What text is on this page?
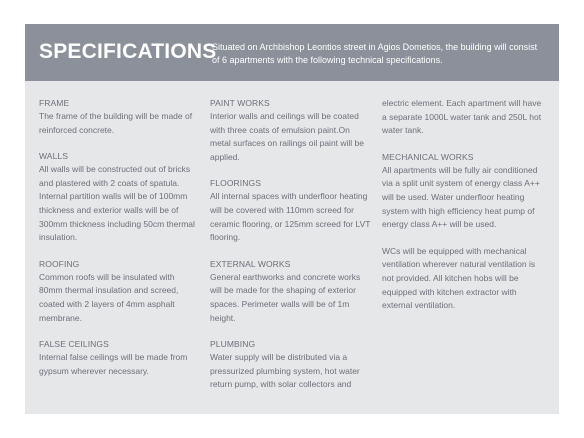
SPECIFICATIONS

Situated on Archbishop Leontios street in Agios Dometios, the building will consist of 6 apartments with the following technical specifications.

FRAME

The frame of the building will be made of reinforced concrete.

WALLS

All walls will be constructed out of bricks and plastered with 2 coats of spatula. Internal partition walls will be of 100mm thickness and exterior walls will be of 300mm thickness including 50cm thermal insulation.

ROOFING

Common roofs will be insulated with 80mm thermal insulation and screed, coated with 2 layers of 4mm asphalt membrane.

FALSE CEILINGS

Internal false ceilings will be made from gypsum wherever necessary.

PAINT WORKS

Interior walls and ceilings will be coated with three coats of emulsion paint.On metal surfaces on railings oil paint will be applied.

FLOORINGS

All internal spaces with underfloor heating will be covered with 110mm screed for ceramic flooring, or 125mm screed for LVT flooring.

EXTERNAL WORKS

General earthworks and concrete works will be made for the shaping of exterior spaces. Perimeter walls will be of 1m height.

PLUMBING

Water supply will be distributed via a pressurized plumbing system, hot water return pump, with solar collectors and

electric element. Each apartment will have a separate 1000L water tank and 250L hot water tank.

MECHANICAL WORKS

All apartments will be fully air conditioned via a split unit system of energy class A++ will be used. Water underfloor heating system with high efficiency heat pump of energy class A++ will be used.

WCs will be equipped with mechanical ventilation wherever natural ventilation is not provided. All kitchen hobs will be equipped with kitchen extractor with external ventilation.
